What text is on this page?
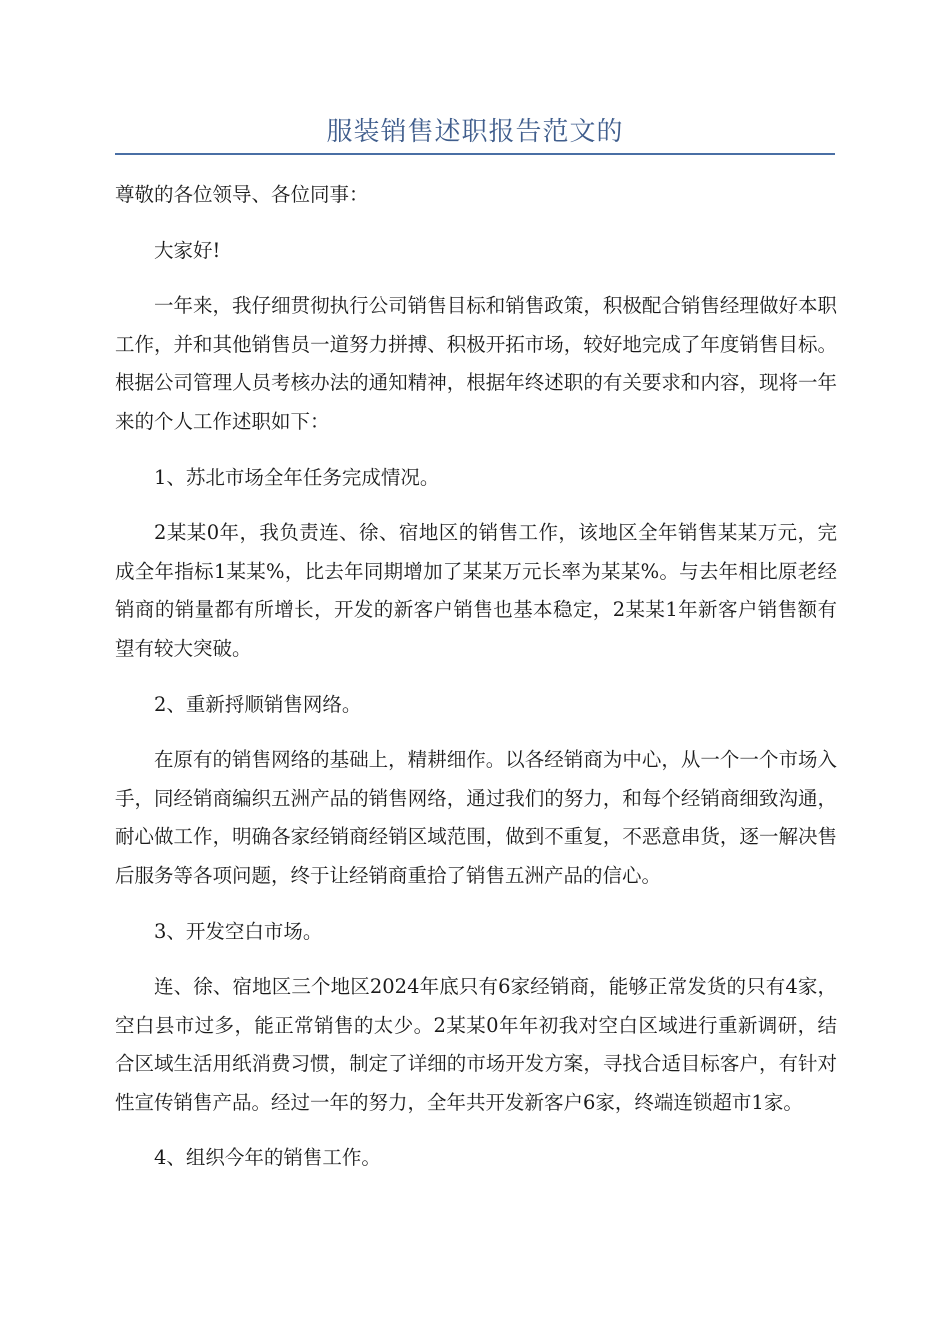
服装销售述职报告范文的

尊敬的各位领导、各位同事：

大家好!

一年来，我仔细贯彻执行公司销售目标和销售政策，积极配合销售经理做好本职工作，并和其他销售员一道努力拼搏、积极开拓市场，较好地完成了年度销售目标。根据公司管理人员考核办法的通知精神，根据年终述职的有关要求和内容，现将一年来的个人工作述职如下：

1、苏北市场全年任务完成情况。

2某某0年，我负责连、徐、宿地区的销售工作，该地区全年销售某某万元，完成全年指标1某某%，比去年同期增加了某某万元长率为某某%。与去年相比原老经销商的销量都有所增长，开发的新客户销售也基本稳定，2某某1年新客户销售额有望有较大突破。

2、重新捋顺销售网络。

在原有的销售网络的基础上，精耕细作。以各经销商为中心，从一个一个市场入手，同经销商编织五洲产品的销售网络，通过我们的努力，和每个经销商细致沟通，耐心做工作，明确各家经销商经销区域范围，做到不重复，不恶意串货，逐一解决售后服务等各项问题，终于让经销商重拾了销售五洲产品的信心。

3、开发空白市场。

连、徐、宿地区三个地区2024年底只有6家经销商，能够正常发货的只有4家，空白县市过多，能正常销售的太少。2某某0年年初我对空白区域进行重新调研，结合区域生活用纸消费习惯，制定了详细的市场开发方案，寻找合适目标客户，有针对性宣传销售产品。经过一年的努力，全年共开发新客户6家，终端连锁超市1家。

4、组织今年的销售工作。
